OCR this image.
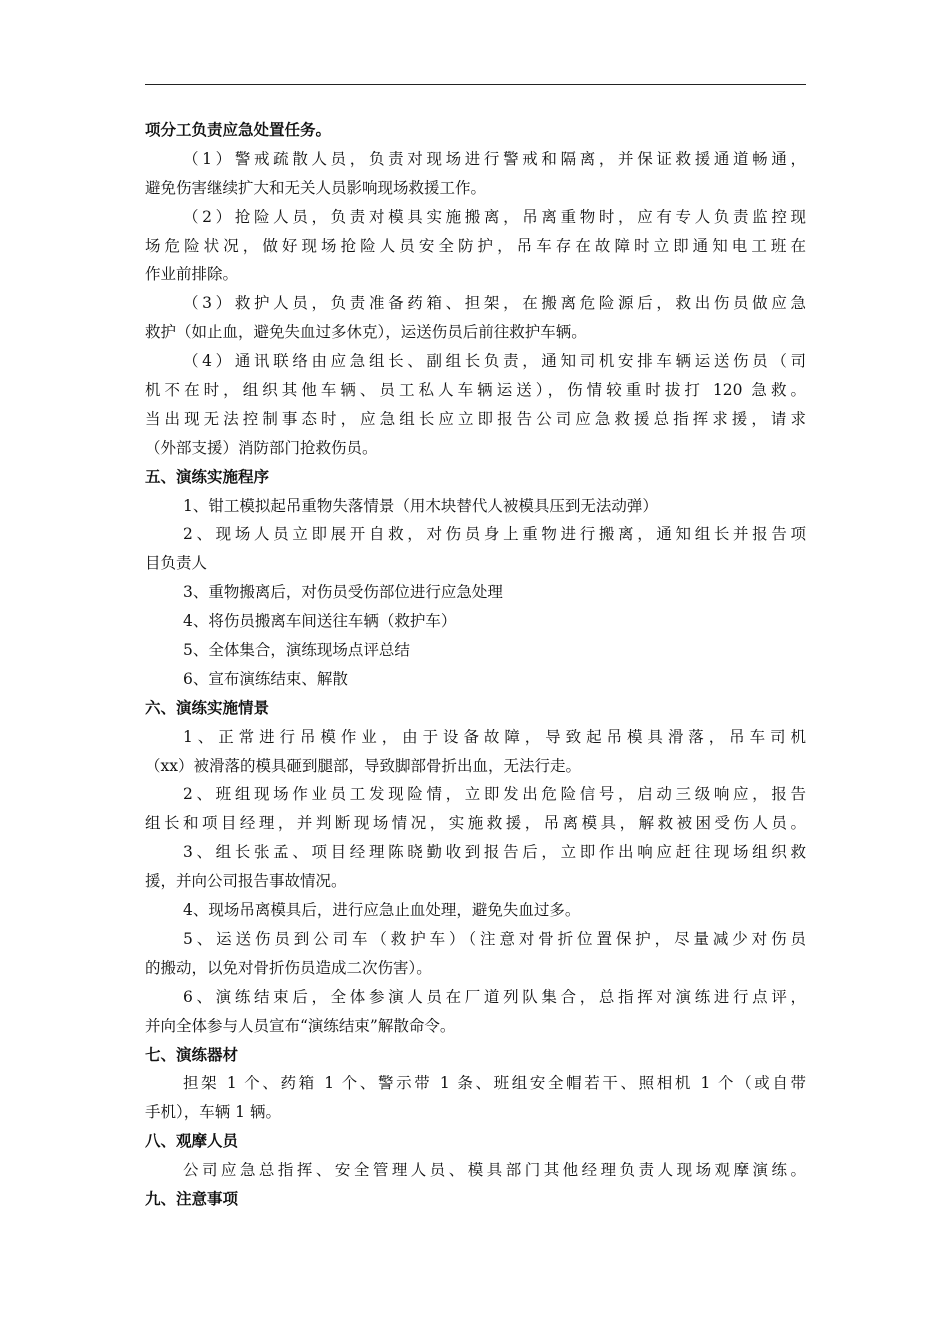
项分工负责应急处置任务。
（1）警戒疏散人员，负责对现场进行警戒和隔离，并保证救援通道畅通，
避免伤害继续扩大和无关人员影响现场救援工作。
（2）抢险人员，负责对模具实施搬离，吊离重物时，应有专人负责监控现
场危险状况，做好现场抢险人员安全防护，吊车存在故障时立即通知电工班在
作业前排除。
（3）救护人员，负责准备药箱、担架，在搬离危险源后，救出伤员做应急
救护（如止血，避免失血过多休克），运送伤员后前往救护车辆。
（4）通讯联络由应急组长、副组长负责，通知司机安排车辆运送伤员（司
机不在时，组织其他车辆、员工私人车辆运送），伤情较重时拔打 120 急救。
当出现无法控制事态时，应急组长应立即报告公司应急救援总指挥求援，请求
（外部支援）消防部门抢救伤员。
五、演练实施程序
1、钳工模拟起吊重物失落情景（用木块替代人被模具压到无法动弹）
2、现场人员立即展开自救，对伤员身上重物进行搬离，通知组长并报告项
目负责人
3、重物搬离后，对伤员受伤部位进行应急处理
4、将伤员搬离车间送往车辆（救护车）
5、全体集合，演练现场点评总结
6、宣布演练结束、解散
六、演练实施情景
1、正常进行吊模作业，由于设备故障，导致起吊模具滑落，吊车司机
（xx）被滑落的模具砸到腿部，导致脚部骨折出血，无法行走。
2、班组现场作业员工发现险情，立即发出危险信号，启动三级响应，报告
组长和项目经理，并判断现场情况，实施救援，吊离模具，解救被困受伤人员。
3、组长张孟、项目经理陈晓勤收到报告后，立即作出响应赶往现场组织救
援，并向公司报告事故情况。
4、现场吊离模具后，进行应急止血处理，避免失血过多。
5、运送伤员到公司车（救护车）（注意对骨折位置保护，尽量减少对伤员
的搬动，以免对骨折伤员造成二次伤害）。
6、演练结束后，全体参演人员在厂道列队集合，总指挥对演练进行点评，
并向全体参与人员宣布“演练结束”解散命令。
七、演练器材
担架 1 个、药箱 1 个、警示带 1 条、班组安全帽若干、照相机 1 个（或自带
手机），车辆 1 辆。
八、观摩人员
公司应急总指挥、安全管理人员、模具部门其他经理负责人现场观摩演练。
九、注意事项
